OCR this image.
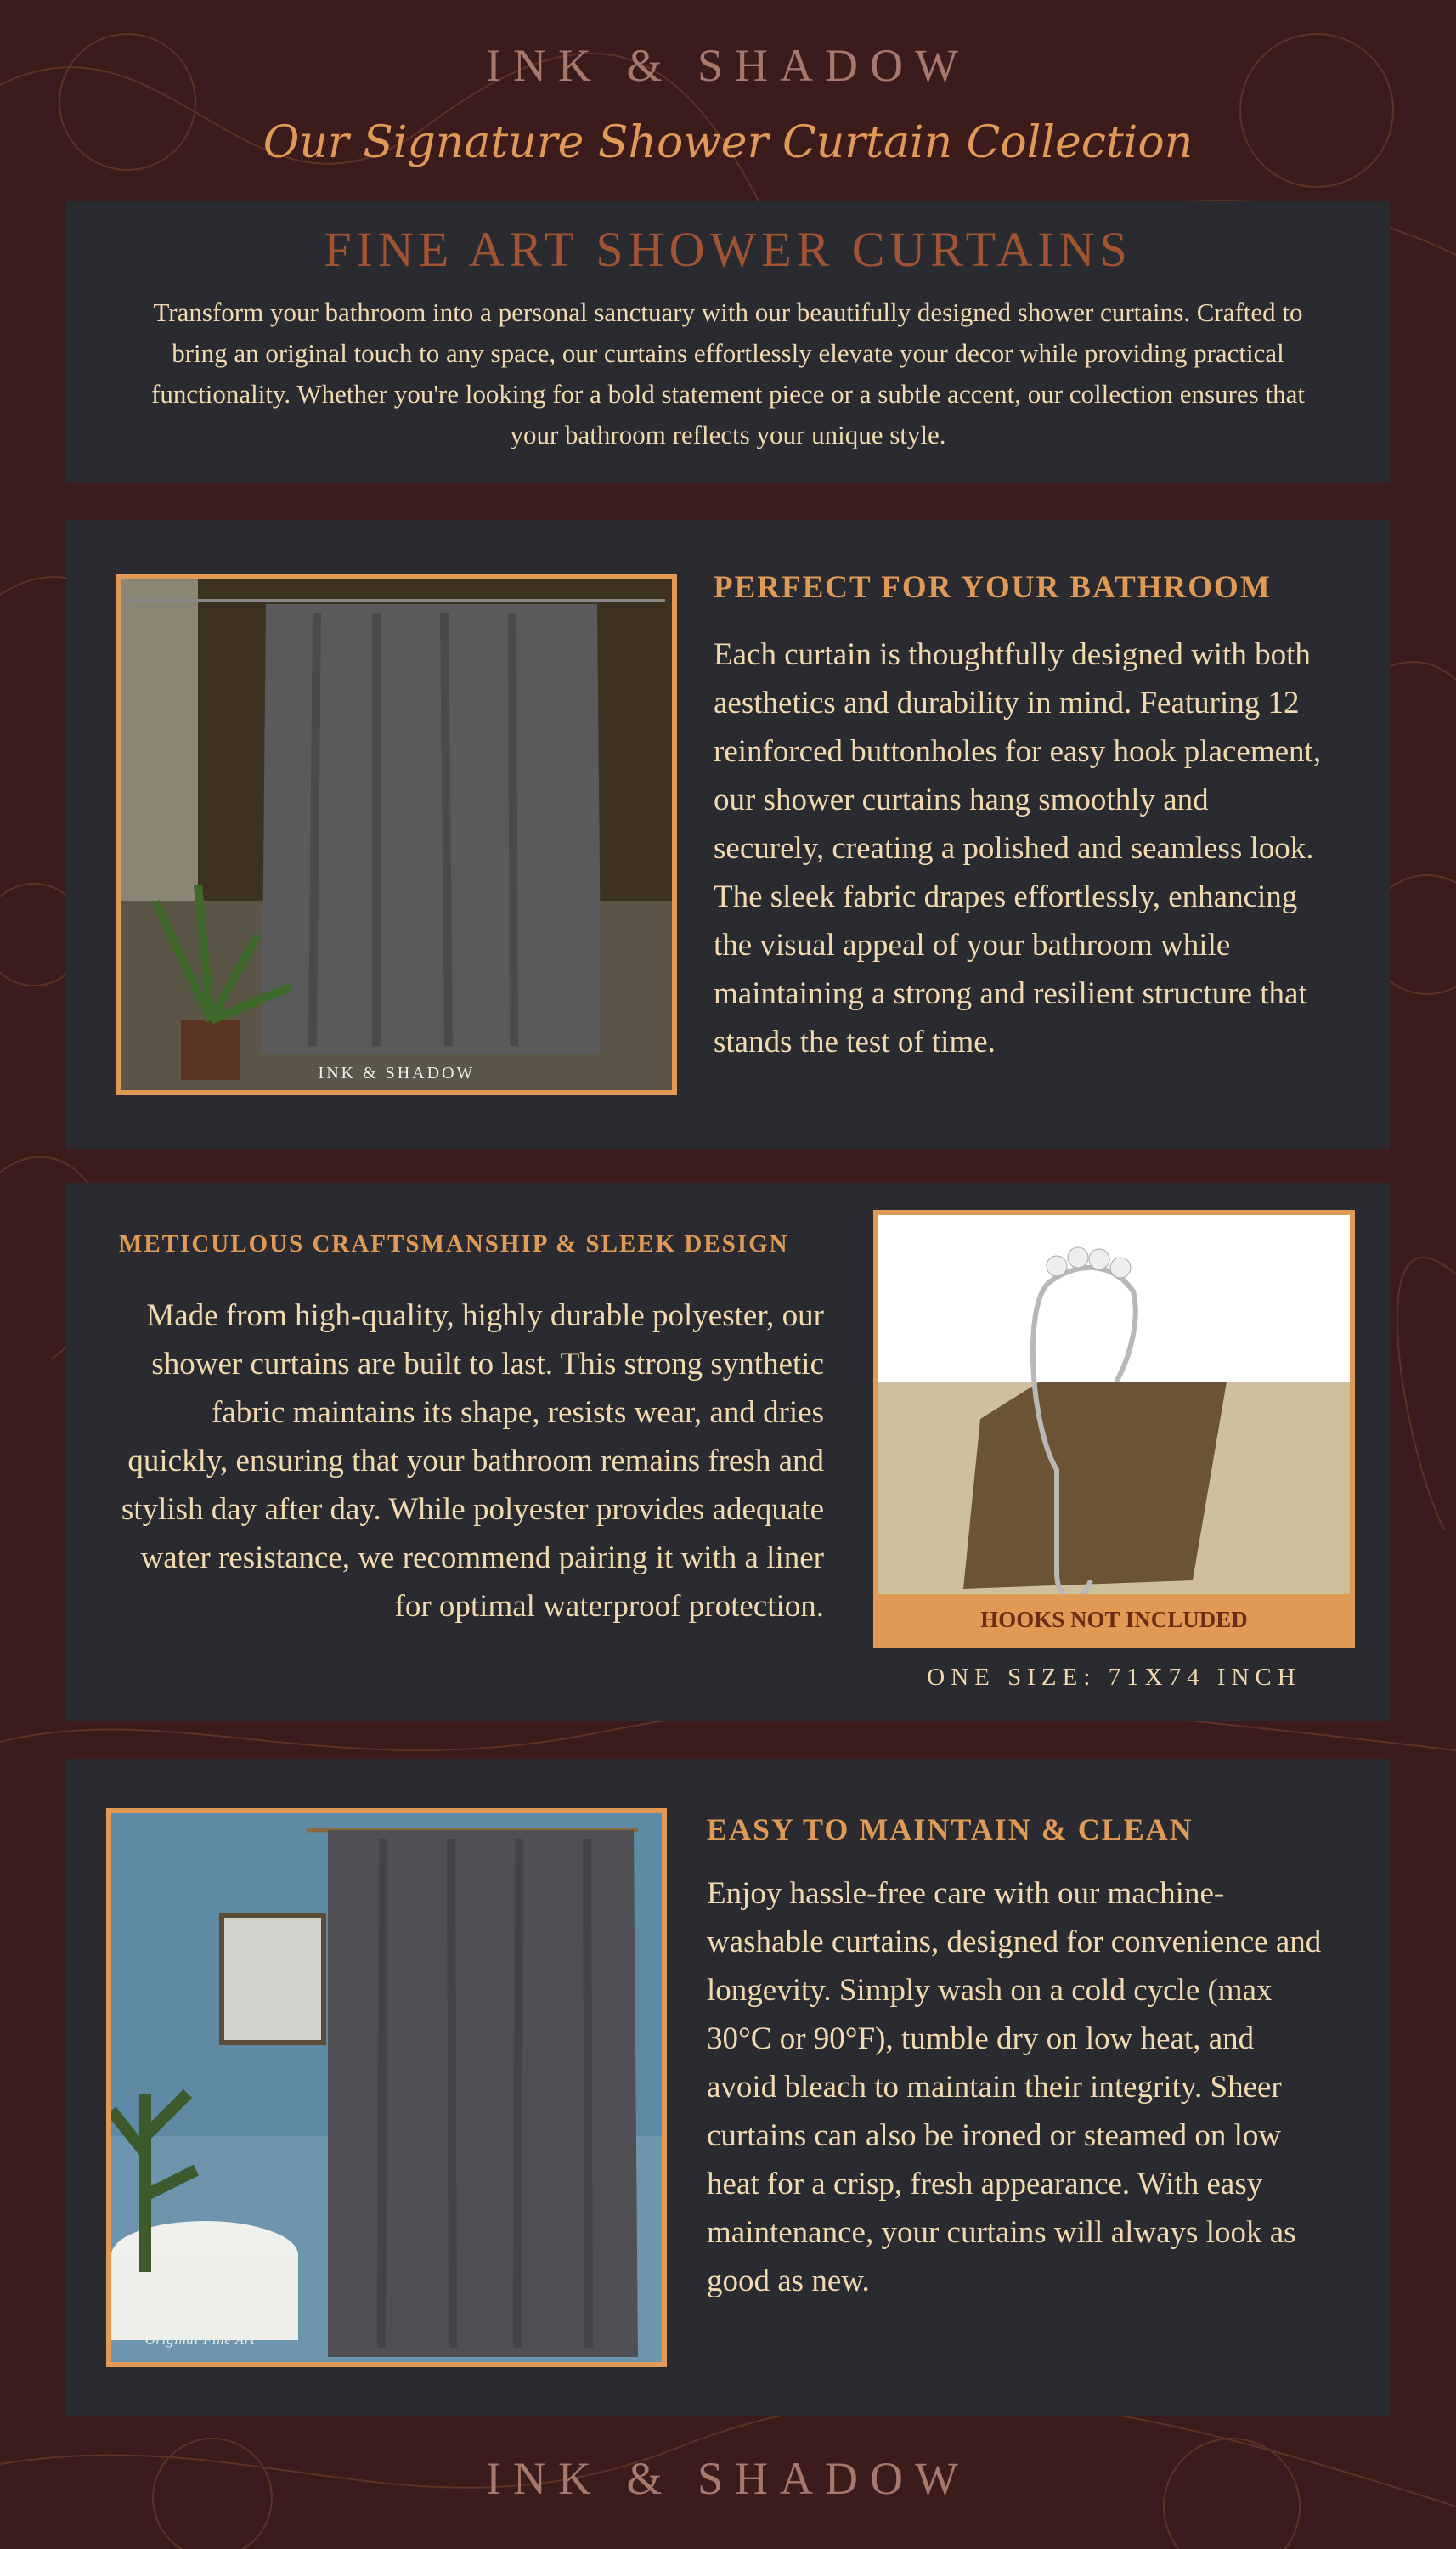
INK & SHADOW
Our Signature Shower Curtain Collection
FINE ART SHOWER CURTAINS
Transform your bathroom into a personal sanctuary with our beautifully designed shower curtains. Crafted to bring an original touch to any space, our curtains effortlessly elevate your decor while providing practical functionality. Whether you're looking for a bold statement piece or a subtle accent, our collection ensures that your bathroom reflects your unique style.
INK & SHADOW
PERFECT FOR YOUR BATHROOM

Each curtain is thoughtfully designed with both aesthetics and durability in mind. Featuring 12 reinforced buttonholes for easy hook placement, our shower curtains hang smoothly and securely, creating a polished and seamless look. The sleek fabric drapes effortlessly, enhancing the visual appeal of your bathroom while maintaining a strong and resilient structure that stands the test of time.

METICULOUS CRAFTSMANSHIP & SLEEK DESIGN

Made from high-quality, highly durable polyester, our shower curtains are built to last. This strong synthetic fabric maintains its shape, resists wear, and dries quickly, ensuring that your bathroom remains fresh and stylish day after day. While polyester provides adequate water resistance, we recommend pairing it with a liner for optimal waterproof protection.	HOOKS NOT INCLUDED
ONE SIZE: 71X74 INCH
INK & SHADOW
Original Fine Art
EASY TO MAINTAIN & CLEAN

Enjoy hassle-free care with our machine-washable curtains, designed for convenience and longevity. Simply wash on a cold cycle (max 30°C or 90°F), tumble dry on low heat, and avoid bleach to maintain their integrity. Sheer curtains can also be ironed or steamed on low heat for a crisp, fresh appearance. With easy maintenance, your curtains will always look as good as new.

INK & SHADOW
